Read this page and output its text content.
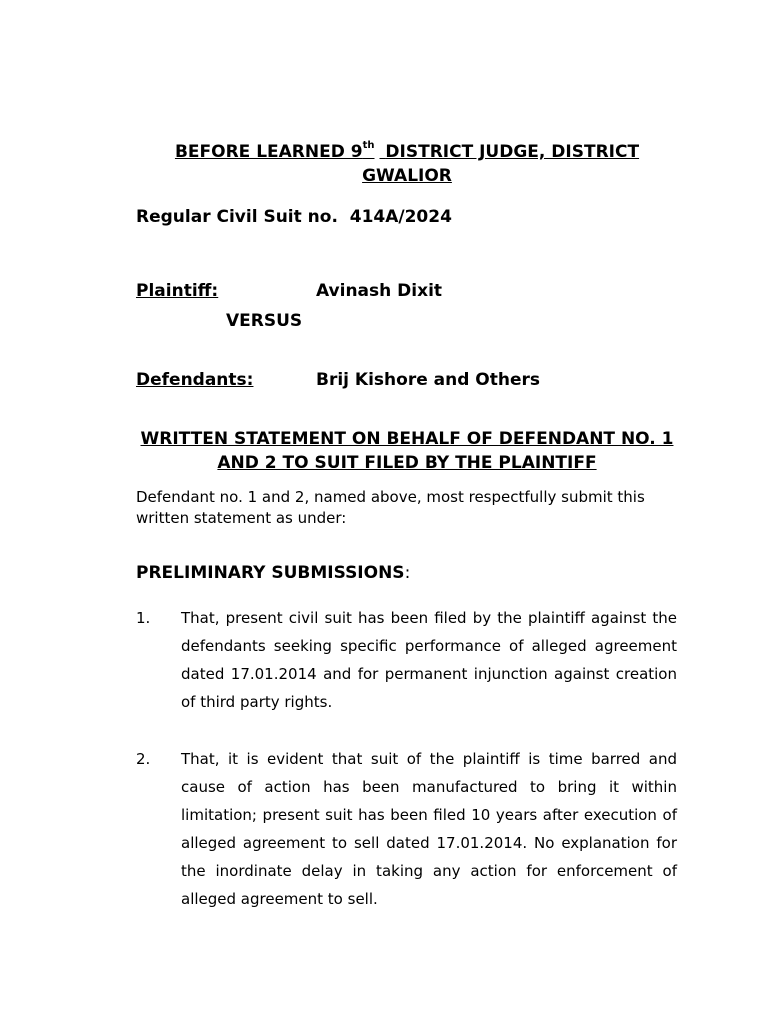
BEFORE LEARNED 9th DISTRICT JUDGE, DISTRICT GWALIOR
Regular Civil Suit no.  414A/2024
Plaintiff:	Avinash Dixit
VERSUS
Defendants:	Brij Kishore and Others
WRITTEN STATEMENT ON BEHALF OF DEFENDANT NO. 1 AND 2 TO SUIT FILED BY THE PLAINTIFF
Defendant no. 1 and 2, named above, most respectfully submit this written statement as under:
PRELIMINARY SUBMISSIONS:
1. That, present civil suit has been filed by the plaintiff against the defendants seeking specific performance of alleged agreement dated 17.01.2014 and for permanent injunction against creation of third party rights.
2. That, it is evident that suit of the plaintiff is time barred and cause of action has been manufactured to bring it within limitation; present suit has been filed 10 years after execution of alleged agreement to sell dated 17.01.2014. No explanation for the inordinate delay in taking any action for enforcement of alleged agreement to sell.
